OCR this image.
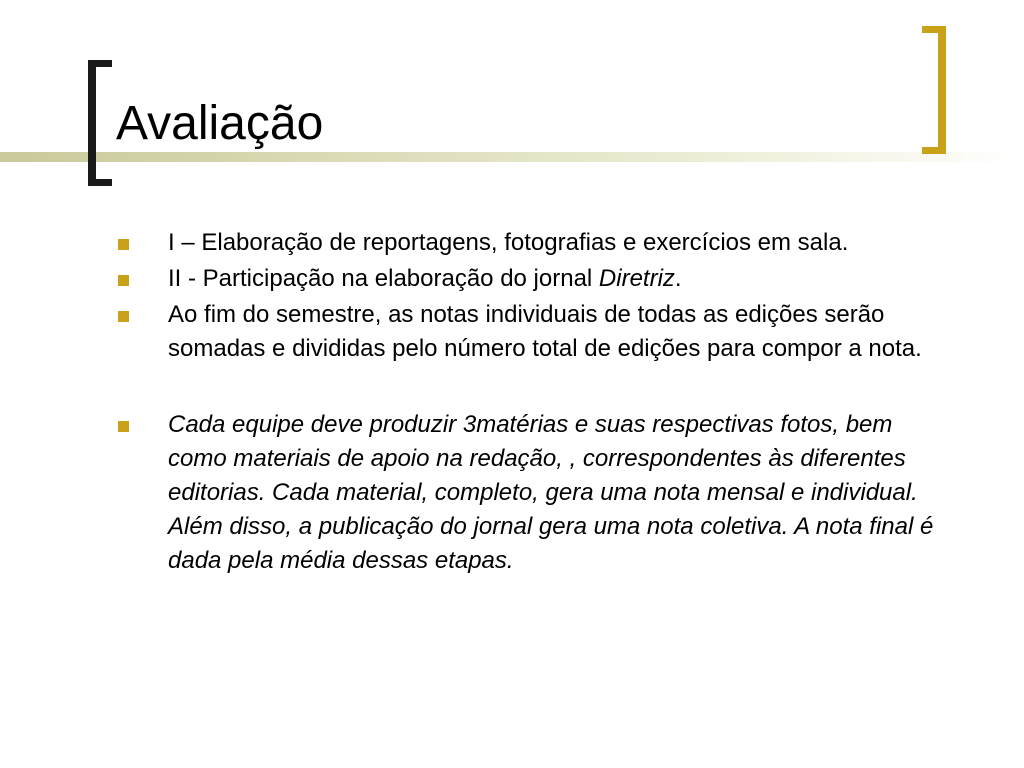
Avaliação
I – Elaboração de reportagens, fotografias e exercícios em sala.
II - Participação na elaboração do jornal Diretriz.
Ao fim do semestre, as notas individuais de todas as edições serão somadas e divididas pelo número total de edições para compor a nota.
Cada equipe deve produzir 3matérias e suas respectivas fotos, bem como materiais de apoio na redação, , correspondentes às diferentes editorias. Cada material, completo, gera uma nota mensal e individual. Além disso, a publicação do jornal gera uma nota coletiva. A nota final é dada pela média dessas etapas.
